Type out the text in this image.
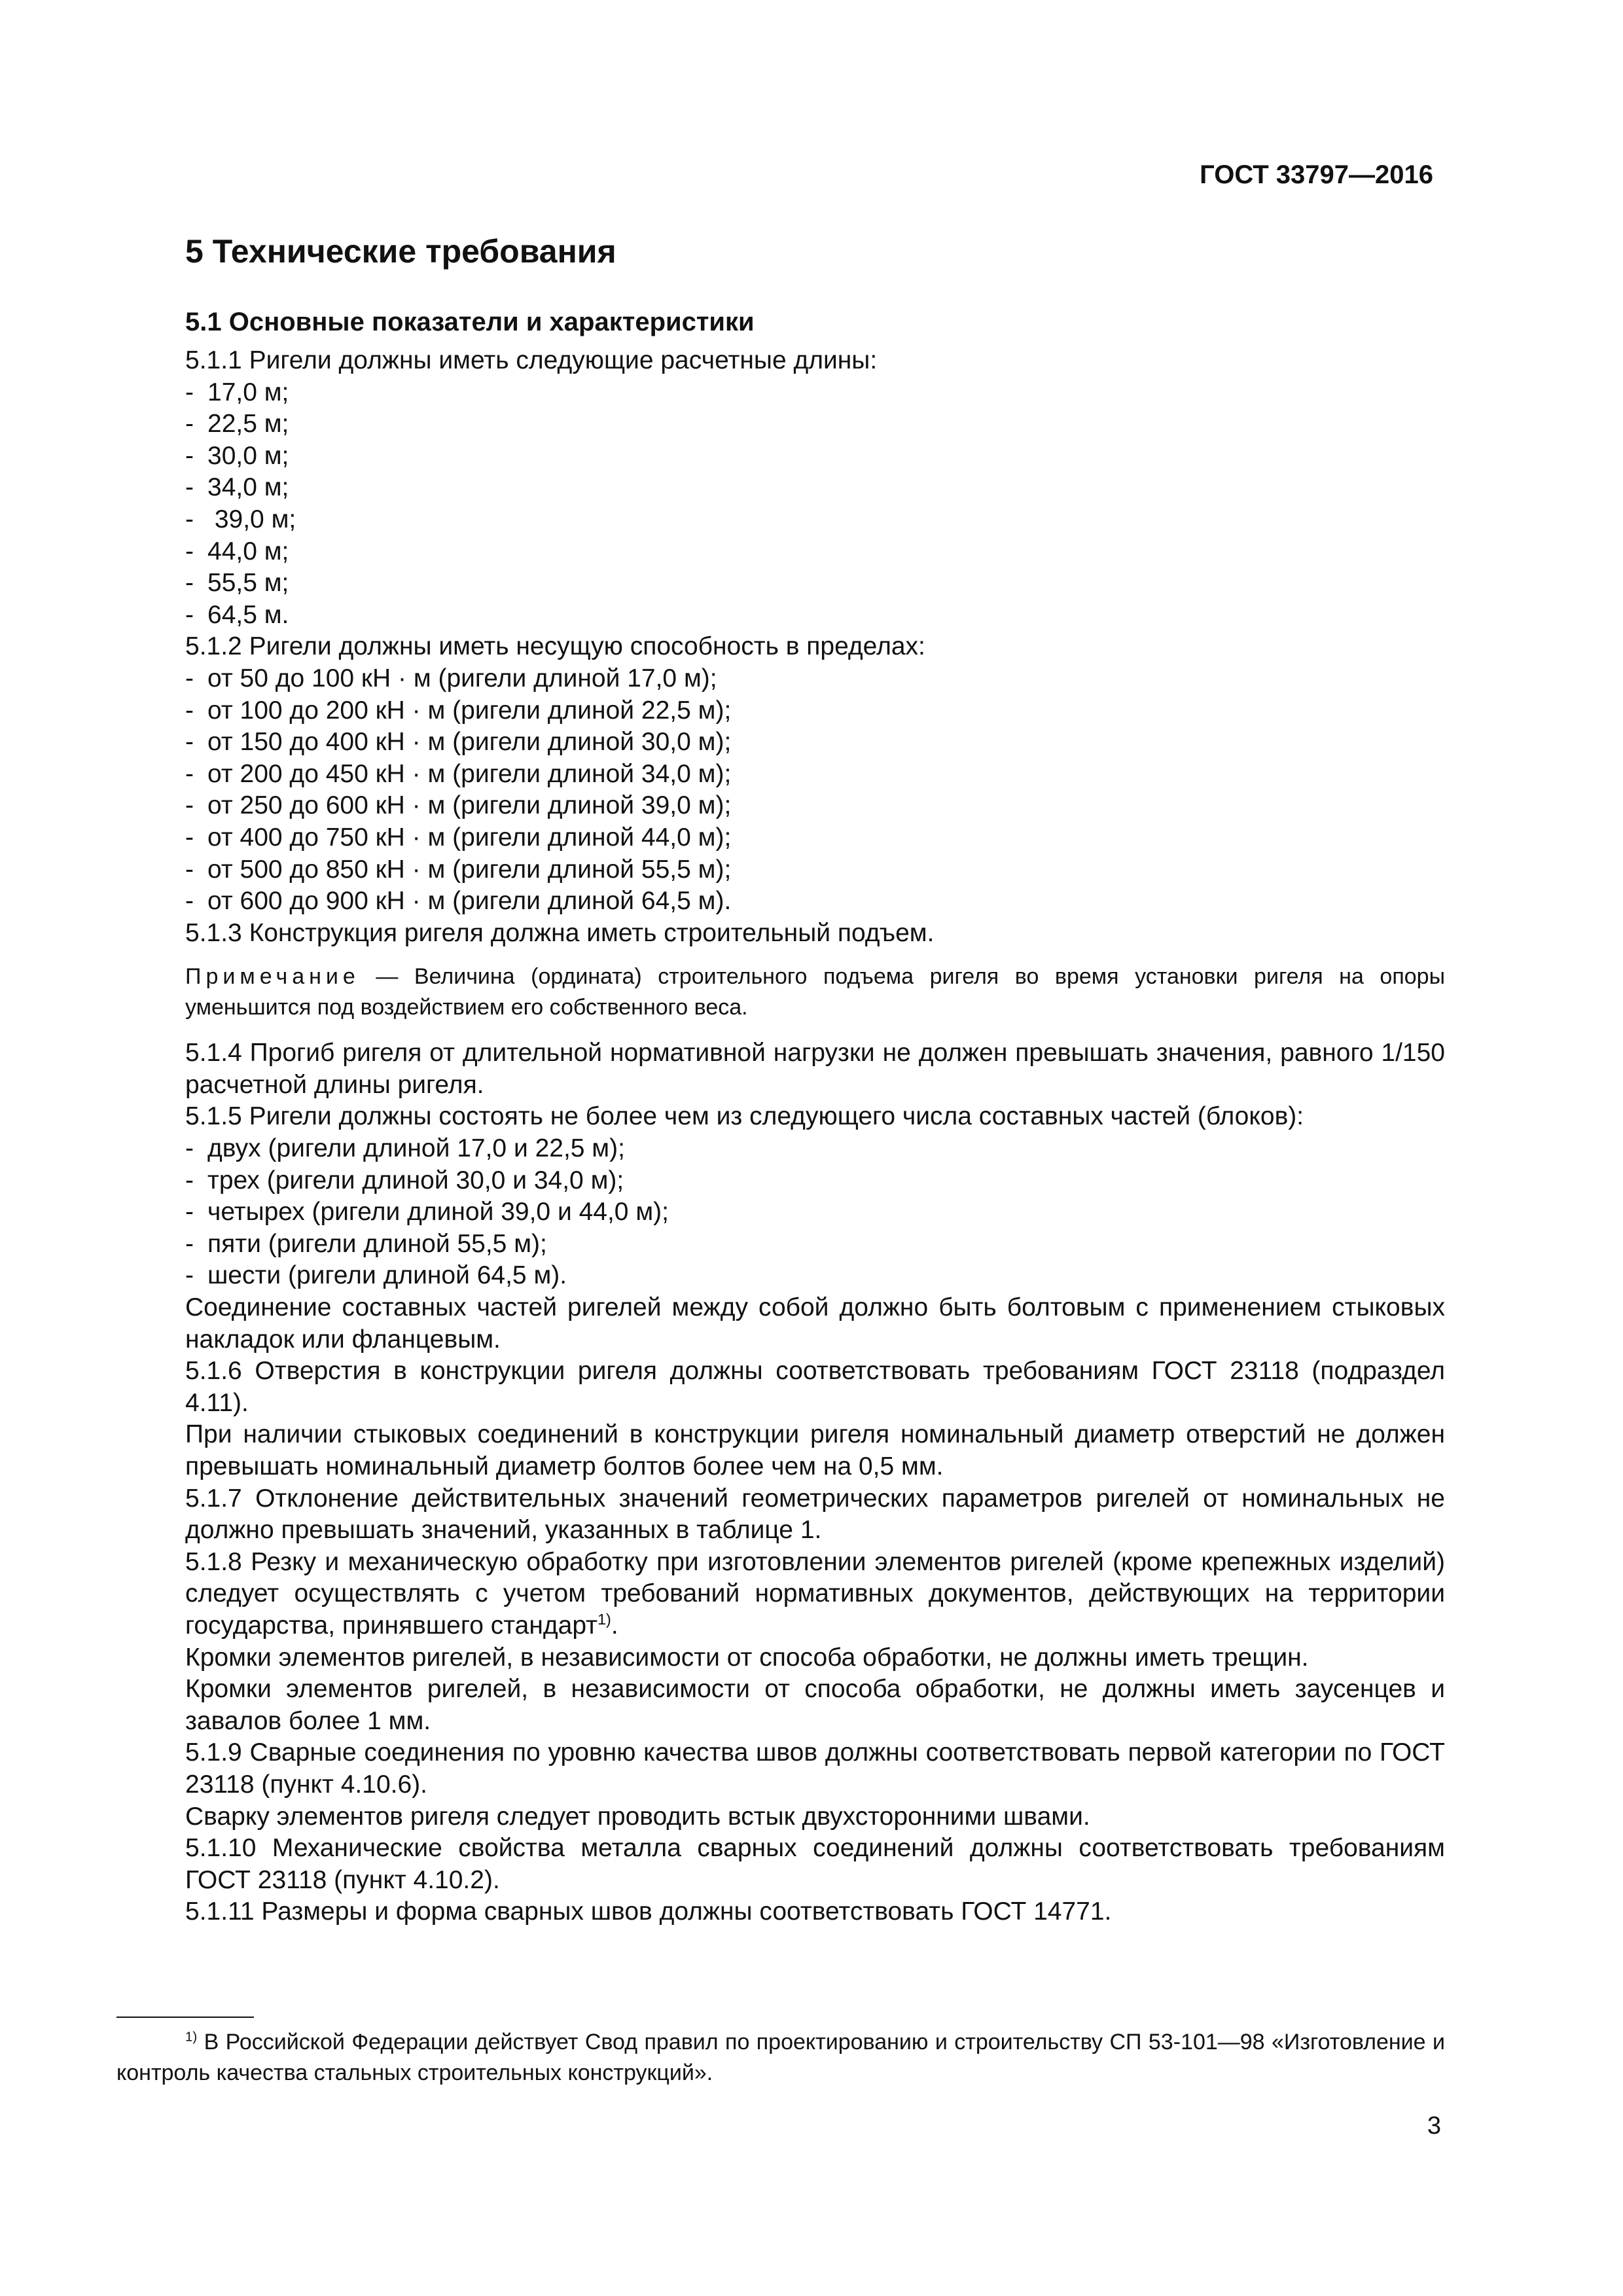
ГОСТ 33797—2016
5 Технические требования
5.1 Основные показатели и характеристики

5.1.1 Ригели должны иметь следующие расчетные длины:

- 17,0 м;

- 22,5 м;

- 30,0 м;

- 34,0 м;

-  39,0 м;

- 44,0 м;

- 55,5 м;

- 64,5 м.

5.1.2 Ригели должны иметь несущую способность в пределах:

- от 50 до 100 кН · м (ригели длиной 17,0 м);

- от 100 до 200 кН · м (ригели длиной 22,5 м);

- от 150 до 400 кН · м (ригели длиной 30,0 м);

- от 200 до 450 кН · м (ригели длиной 34,0 м);

- от 250 до 600 кН · м (ригели длиной 39,0 м);

- от 400 до 750 кН · м (ригели длиной 44,0 м);

- от 500 до 850 кН · м (ригели длиной 55,5 м);

- от 600 до 900 кН · м (ригели длиной 64,5 м).

5.1.3 Конструкция ригеля должна иметь строительный подъем.

Примечание — Величина (ордината) строительного подъема ригеля во время установки ригеля на опоры уменьшится под воздействием его собственного веса.

5.1.4 Прогиб ригеля от длительной нормативной нагрузки не должен превышать значения, равного 1/150 расчетной длины ригеля.

5.1.5 Ригели должны состоять не более чем из следующего числа составных частей (блоков):

- двух (ригели длиной 17,0 и 22,5 м);

- трех (ригели длиной 30,0 и 34,0 м);

- четырех (ригели длиной 39,0 и 44,0 м);

- пяти (ригели длиной 55,5 м);

- шести (ригели длиной 64,5 м).

Соединение составных частей ригелей между собой должно быть болтовым с применением стыковых накладок или фланцевым.

5.1.6 Отверстия в конструкции ригеля должны соответствовать требованиям ГОСТ 23118 (подраздел 4.11).

При наличии стыковых соединений в конструкции ригеля номинальный диаметр отверстий не должен превышать номинальный диаметр болтов более чем на 0,5 мм.

5.1.7 Отклонение действительных значений геометрических параметров ригелей от номинальных не должно превышать значений, указанных в таблице 1.

5.1.8 Резку и механическую обработку при изготовлении элементов ригелей (кроме крепежных изделий) следует осуществлять с учетом требований нормативных документов, действующих на территории государства, принявшего стандарт$^{1)}$.

Кромки элементов ригелей, в независимости от способа обработки, не должны иметь трещин.

Кромки элементов ригелей, в независимости от способа обработки, не должны иметь заусенцев и завалов более 1 мм.

5.1.9 Сварные соединения по уровню качества швов должны соответствовать первой категории по ГОСТ 23118 (пункт 4.10.6).

Сварку элементов ригеля следует проводить встык двухсторонними швами.

5.1.10 Механические свойства металла сварных соединений должны соответствовать требованиям ГОСТ 23118 (пункт 4.10.2).

5.1.11 Размеры и форма сварных швов должны соответствовать ГОСТ 14771.

$^{1)}$ В Российской Федерации действует Свод правил по проектированию и строительству СП 53-101—98 «Изготовление и контроль качества стальных строительных конструкций».
3
